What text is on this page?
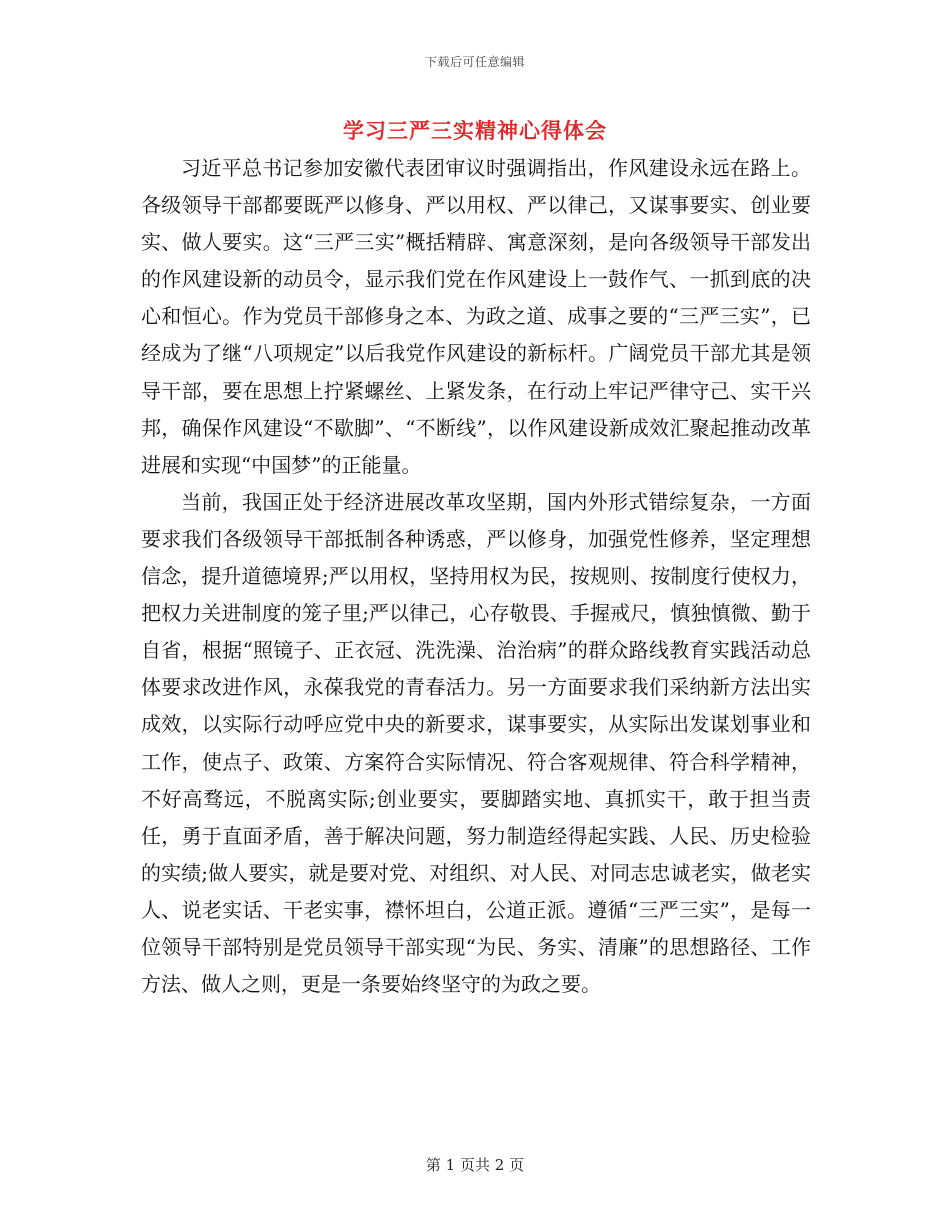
下载后可任意编辑
学习三严三实精神心得体会

习近平总书记参加安徽代表团审议时强调指出，作风建设永远在路上。各级领导干部都要既严以修身、严以用权、严以律己，又谋事要实、创业要实、做人要实。这“三严三实”概括精辟、寓意深刻，是向各级领导干部发出的作风建设新的动员令，显示我们党在作风建设上一鼓作气、一抓到底的决心和恒心。作为党员干部修身之本、为政之道、成事之要的“三严三实”，已经成为了继“八项规定”以后我党作风建设的新标杆。广阔党员干部尤其是领导干部，要在思想上拧紧螺丝、上紧发条，在行动上牢记严律守己、实干兴邦，确保作风建设“不歇脚”、“不断线”，以作风建设新成效汇聚起推动改革进展和实现“中国梦”的正能量。

当前，我国正处于经济进展改革攻坚期，国内外形式错综复杂，一方面要求我们各级领导干部抵制各种诱惑，严以修身，加强党性修养，坚定理想信念，提升道德境界;严以用权，坚持用权为民，按规则、按制度行使权力，把权力关进制度的笼子里;严以律己，心存敬畏、手握戒尺，慎独慎微、勤于自省，根据“照镜子、正衣冠、洗洗澡、治治病”的群众路线教育实践活动总体要求改进作风，永葆我党的青春活力。另一方面要求我们采纳新方法出实成效，以实际行动呼应党中央的新要求，谋事要实，从实际出发谋划事业和工作，使点子、政策、方案符合实际情况、符合客观规律、符合科学精神，不好高骛远，不脱离实际;创业要实，要脚踏实地、真抓实干，敢于担当责任，勇于直面矛盾，善于解决问题，努力制造经得起实践、人民、历史检验的实绩;做人要实，就是要对党、对组织、对人民、对同志忠诚老实，做老实人、说老实话、干老实事，襟怀坦白，公道正派。遵循“三严三实”，是每一位领导干部特别是党员领导干部实现“为民、务实、清廉”的思想路径、工作方法、做人之则，更是一条要始终坚守的为政之要。

第 1 页共 2 页
